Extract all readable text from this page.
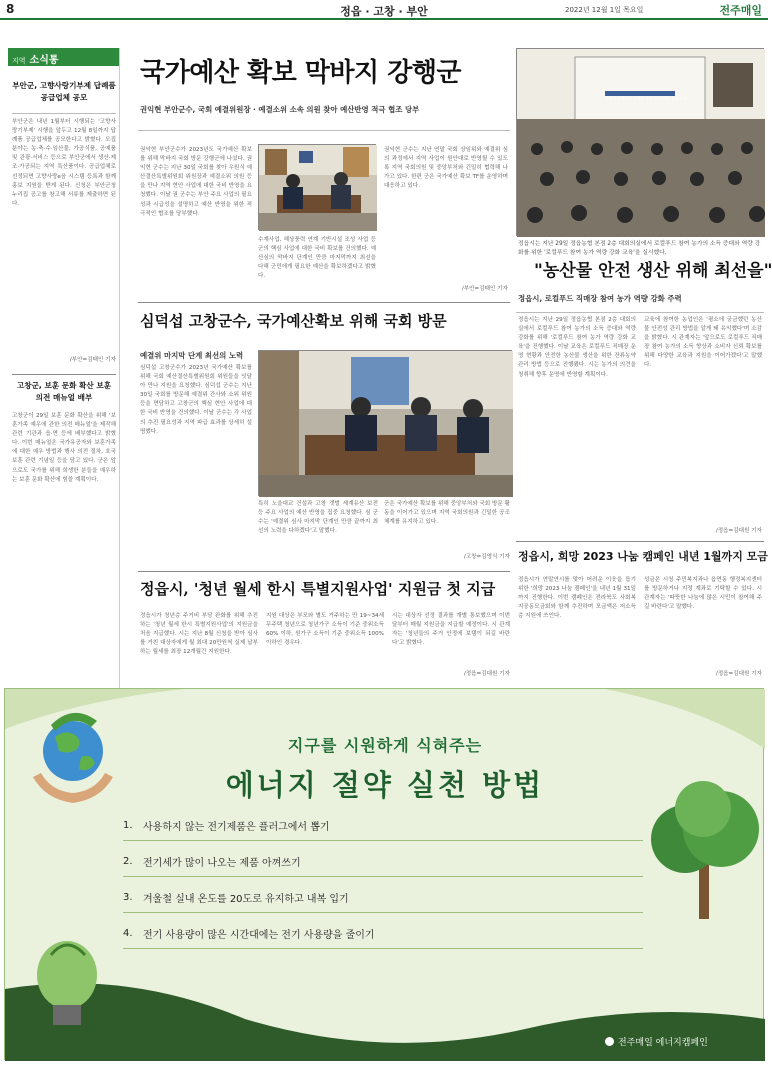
8	정읍 · 고창 · 부안	2022년 12월 1일 목요일	전주매일
지역 소식통
부안군, 고향사랑기부제 답례품 공급업체 공모
부안군은 내년 1월부터 시행되는 '고향사랑기부제' 시행을 앞두고 12월 8일까지 답례품 공급업체를 공모한다고 밝혔다. 모집분야는 농·축·수·임산물, 가공식품, 공예품 및 관광·서비스 등으로 부안군에서 생산·제조·가공되는 지역 특산품이다. 공급업체로 선정되면 고향사랑e음 시스템 등록과 함께 홍보 지원을 받게 된다. 신청은 부안군청 누리집 공고를 참고해 서류를 제출하면 된다.
/부안=김태인 기자
고창군, 보훈 문화 확산 보훈 의전 매뉴얼 배부
고창군이 29일 보훈 문화 확산을 위해 '보훈가족 예우에 관한 의전 매뉴얼'을 제작해 관련 기관과 읍·면 등에 배부했다고 밝혔다. 이번 매뉴얼은 국가유공자와 보훈가족에 대한 예우 방법과 행사 의전 절차, 호국보훈 관련 기념일 등을 담고 있다. 군은 앞으로도 국가를 위해 희생한 분들을 예우하는 보훈 문화 확산에 힘쓸 계획이다.
국가예산 확보 막바지 강행군
권익현 부안군수, 국회 예결위원장 · 예결소위 소속 의원 찾아 예산반영 적극 협조 당부
권익현 부안군수가 2023년도 국가예산 확보를 위해 막바지 국회 방문 강행군에 나섰다. 권익현 군수는 지난 30일 국회를 찾아 우원식 예산결산특별위원회 위원장과 예결소위 의원 등을 만나 지역 현안 사업에 대한 국비 반영을 요청했다. 이날 권 군수는 부안 주요 사업의 필요성과 시급성을 설명하고 예산 반영을 위한 적극적인 협조를 당부했다.
수계사업, 해상풍력 연계 기반시설 조성 사업 등 군의 핵심 사업에 대한 국비 확보를 건의했다. 예산심의 막바지 단계인 만큼 마지막까지 최선을 다해 군민에게 필요한 예산을 확보하겠다고 밝혔다.
권익현 군수는 지난 연말 국회 상임위와 예결위 심의 과정에서 지역 사업이 원안대로 반영될 수 있도록 지역 국회의원 및 중앙부처와 긴밀히 협력해 나가고 있다. 한편 군은 국가예산 확보 TF를 운영하며 대응하고 있다.
/부안=김태인 기자
정읍시 로컬푸드 직매장 참여 농가 역량 강화 교육
정읍시는 지난 29일 정읍농협 본점 2층 대회의실에서 로컬푸드 참여 농가의 소득 증대와 역량 강화를 위한 '로컬푸드 참여 농가 역량 강화 교육'을 실시했다.
"농산물 안전 생산 위해 최선을"
정읍시, 로컬푸드 직매장 참여 농가 역량 강화 주력
정읍시는 지난 29일 정읍농협 본점 2층 대회의실에서 로컬푸드 참여 농가의 소득 증대와 역량 강화를 위해 '로컬푸드 참여 농가 역량 강화 교육'을 진행했다. 이날 교육은 로컬푸드 직매장 운영 현황과 안전한 농산물 생산을 위한 잔류농약 관리 방법 등으로 진행됐다. 시는 농가의 의견을 청취해 향후 운영에 반영할 계획이다.
교육에 참여한 농업인은 '평소에 궁금했던 농산물 안전성 관리 방법을 알게 돼 유익했다'며 소감을 밝혔다. 시 관계자는 '앞으로도 로컬푸드 직매장 참여 농가의 소득 향상과 소비자 신뢰 확보를 위해 다양한 교육과 지원을 이어가겠다'고 말했다.
/정읍=김대원 기자
심덕섭 고창군수, 국가예산확보 위해 국회 방문
예결위 마지막 단계 최선의 노력
심덕섭 고창군수가 2023년 국가예산 확보를 위해 국회 예산결산특별위원회 위원들을 잇달아 만나 지원을 요청했다. 심덕섭 군수는 지난 30일 국회를 방문해 예결위 간사와 소위 위원 등을 면담하고 고창군의 핵심 현안 사업에 대한 국비 반영을 건의했다. 이날 군수는 각 사업의 추진 필요성과 지역 파급 효과를 상세히 설명했다.
특히 노을대교 건설과 고창 갯벌 세계유산 보전 등 주요 사업의 예산 반영을 집중 요청했다. 심 군수는 '예결위 심사 마지막 단계인 만큼 끝까지 최선의 노력을 다하겠다'고 말했다.
군은 국가예산 확보를 위해 중앙부처와 국회 방문 활동을 이어가고 있으며 지역 국회의원과 긴밀한 공조 체계를 유지하고 있다.
/고창=김영식 기자
정읍시, '청년 월세 한시 특별지원사업' 지원금 첫 지급
정읍시가 청년층 주거비 부담 완화를 위해 추진하는 '청년 월세 한시 특별지원사업'의 지원금을 처음 지급했다. 시는 지난 8월 신청을 받아 심사를 거친 대상자에게 월 최대 20만원씩 실제 납부하는 월세를 최장 12개월간 지원한다.
지원 대상은 부모와 별도 거주하는 만 19~34세 무주택 청년으로 청년가구 소득이 기준 중위소득 60% 이하, 원가구 소득이 기준 중위소득 100% 이하인 경우다.
시는 대상자 선정 결과를 개별 통보했으며 이번 달부터 매월 지원금을 지급할 예정이다. 시 관계자는 '청년들의 주거 안정에 보탬이 되길 바란다'고 밝혔다.
/정읍=김대원 기자
정읍시, 희망 2023 나눔 캠페인 내년 1월까지 모금
정읍시가 연말연시를 맞아 어려운 이웃을 돕기 위한 '희망 2023 나눔 캠페인'을 내년 1월 31일까지 진행한다. 이번 캠페인은 전라북도 사회복지공동모금회와 함께 추진하며 모금액은 저소득층 지원에 쓰인다.
성금은 시청 주민복지과나 읍면동 행정복지센터를 방문하거나 지정 계좌로 기탁할 수 있다. 시 관계자는 '따뜻한 나눔에 많은 시민이 참여해 주길 바란다'고 말했다.
/정읍=김대원 기자
지구를 시원하게 식혀주는
에너지 절약 실천 방법
1.	사용하지 않는 전기제품은 플러그에서 뽑기
2.	전기세가 많이 나오는 제품 아껴쓰기
3.	겨울철 실내 온도를 20도로 유지하고 내복 입기
4.	전기 사용량이 많은 시간대에는 전기 사용량을 줄이기
전주매일 에너지캠페인
